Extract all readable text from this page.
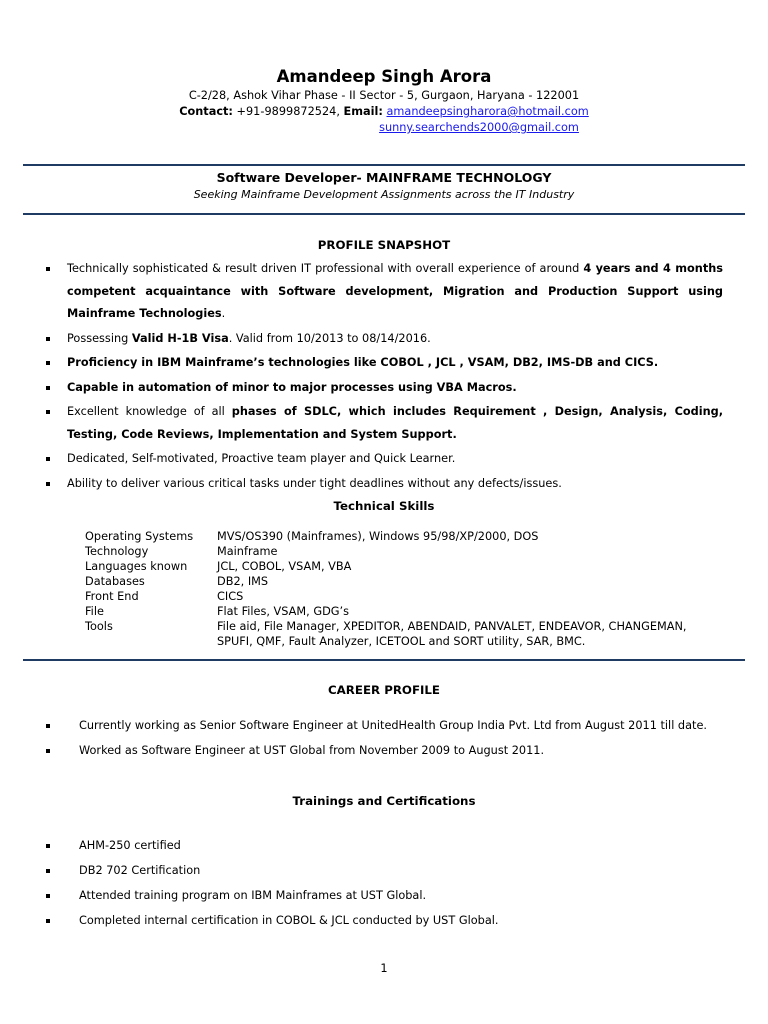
Amandeep Singh Arora
C-2/28, Ashok Vihar Phase - II Sector - 5, Gurgaon, Haryana - 122001
Contact: +91-9899872524, Email: amandeepsingharora@hotmail.com
sunny.searchends2000@gmail.com
Software Developer- MAINFRAME TECHNOLOGY
Seeking Mainframe Development Assignments across the IT Industry
PROFILE SNAPSHOT
Technically sophisticated & result driven IT professional with overall experience of around 4 years and 4 months competent acquaintance with Software development, Migration and Production Support using Mainframe Technologies.
Possessing Valid H-1B Visa. Valid from 10/2013 to 08/14/2016.
Proficiency in IBM Mainframe’s technologies like COBOL , JCL , VSAM, DB2, IMS-DB and CICS.
Capable in automation of minor to major processes using VBA Macros.
Excellent knowledge of all phases of SDLC, which includes Requirement , Design, Analysis, Coding, Testing, Code Reviews, Implementation and System Support.
Dedicated, Self-motivated, Proactive team player and Quick Learner.
Ability to deliver various critical tasks under tight deadlines without any defects/issues.
Technical Skills
Operating Systems	MVS/OS390 (Mainframes), Windows 95/98/XP/2000, DOS
Technology	Mainframe
Languages known	JCL, COBOL, VSAM, VBA
Databases	DB2, IMS
Front End	CICS
File	Flat Files, VSAM, GDG’s
Tools	File aid, File Manager, XPEDITOR, ABENDAID, PANVALET, ENDEAVOR, CHANGEMAN,
SPUFI, QMF, Fault Analyzer, ICETOOL and SORT utility, SAR, BMC.
CAREER PROFILE
Currently working as Senior Software Engineer at UnitedHealth Group India Pvt. Ltd from August 2011 till date.
Worked as Software Engineer at UST Global from November 2009 to August 2011.
Trainings and Certifications
AHM-250 certified
DB2 702 Certification
Attended training program on IBM Mainframes at UST Global.
Completed internal certification in COBOL & JCL conducted by UST Global.
1
